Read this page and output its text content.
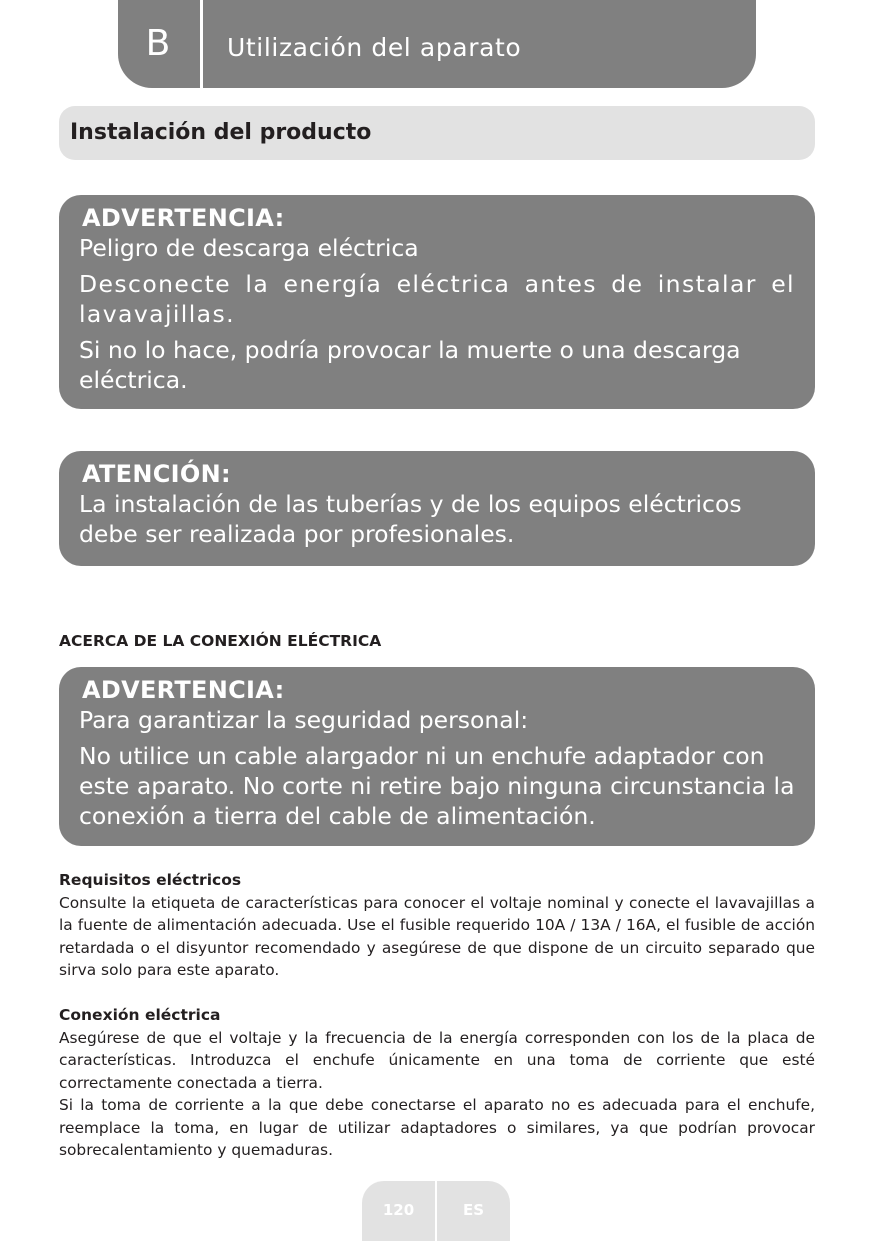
B	Utilización del aparato
Instalación del producto
ADVERTENCIA:
Peligro de descarga eléctrica
Desconecte la energía eléctrica antes de instalar el lavavajillas.
Si no lo hace, podría provocar la muerte o una descarga eléctrica.
ATENCIÓN:
La instalación de las tuberías y de los equipos eléctricos debe ser realizada por profesionales.
ACERCA DE LA CONEXIÓN ELÉCTRICA
ADVERTENCIA:
Para garantizar la seguridad personal:
No utilice un cable alargador ni un enchufe adaptador con este aparato. No corte ni retire bajo ninguna circunstancia la conexión a tierra del cable de alimentación.
Requisitos eléctricos

Consulte la etiqueta de características para conocer el voltaje nominal y conecte el lavavajillas a la fuente de alimentación adecuada. Use el fusible requerido 10A / 13A / 16A, el fusible de acción retardada o el disyuntor recomendado y asegúrese de que dispone de un circuito separado que sirva solo para este aparato.

Conexión eléctrica

Asegúrese de que el voltaje y la frecuencia de la energía corresponden con los de la placa de características. Introduzca el enchufe únicamente en una toma de corriente que esté correctamente conectada a tierra.

Si la toma de corriente a la que debe conectarse el aparato no es adecuada para el enchufe, reemplace la toma, en lugar de utilizar adaptadores o similares, ya que podrían provocar sobrecalentamiento y quemaduras.

120	ES
